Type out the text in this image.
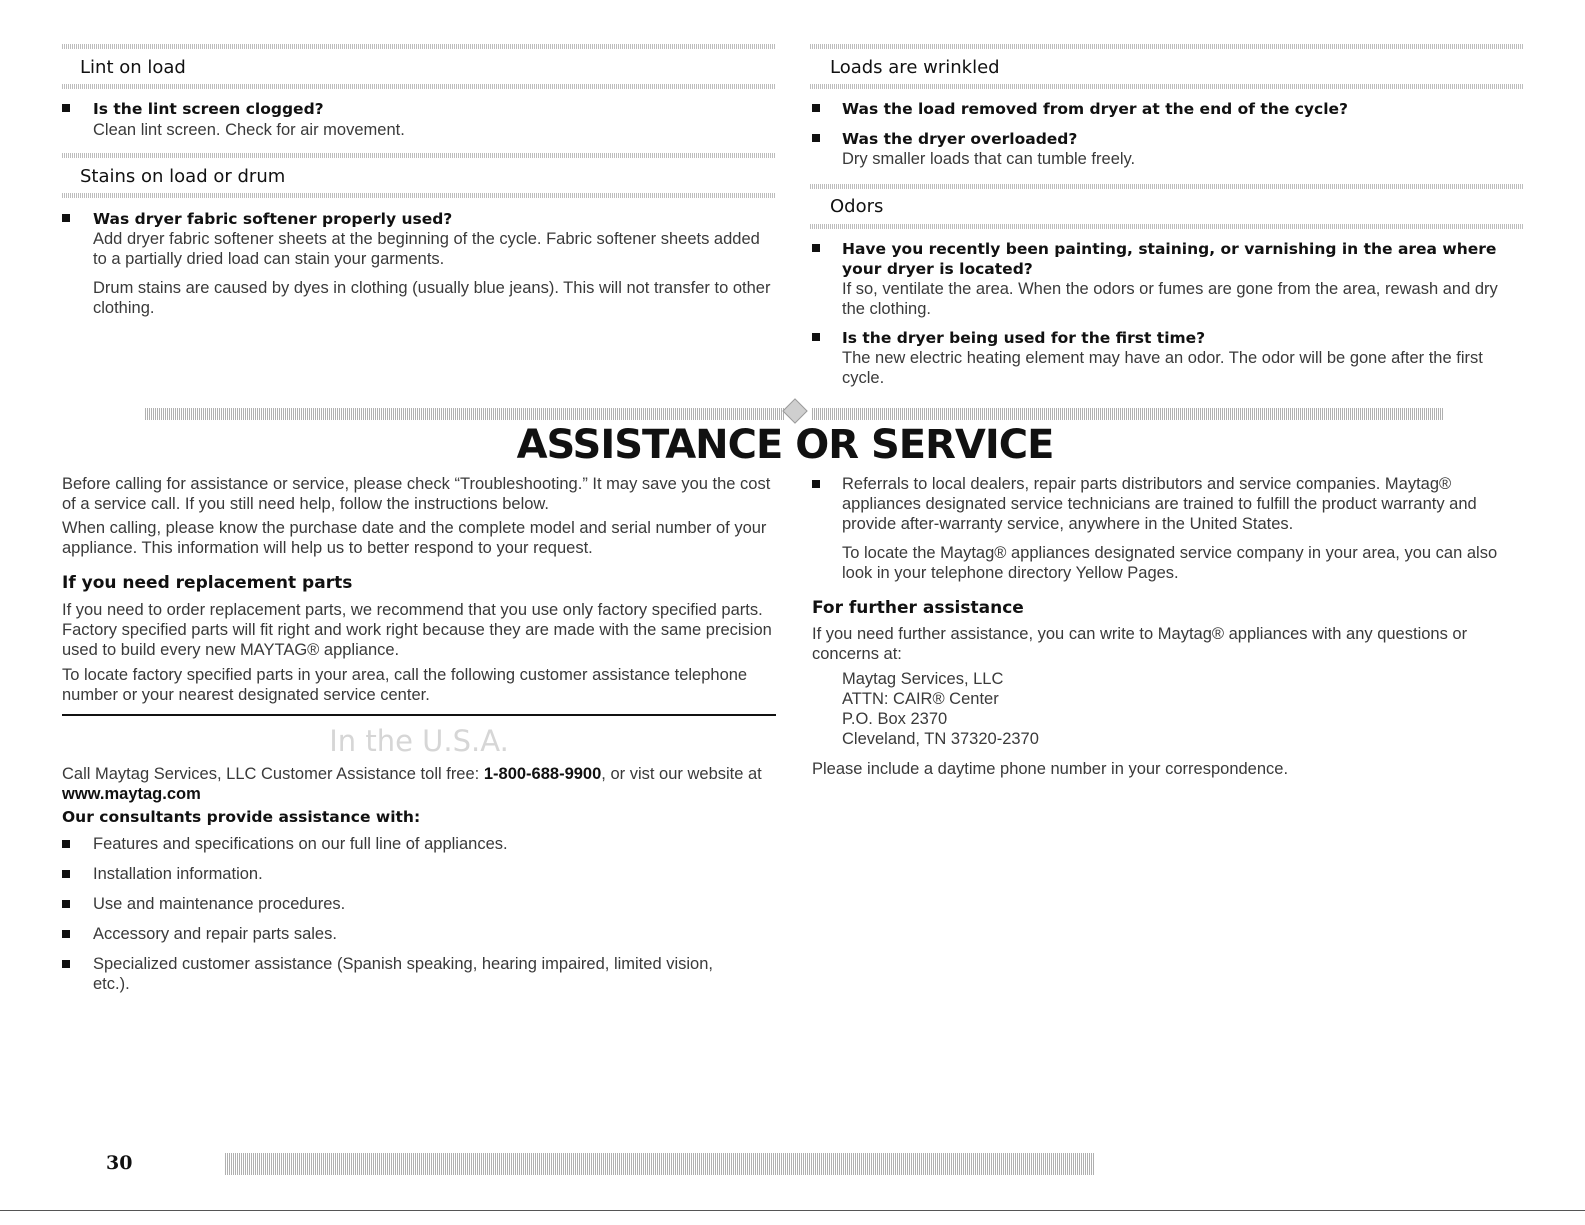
Lint on load
Is the lint screen clogged?
Clean lint screen. Check for air movement.
Stains on load or drum
Was dryer fabric softener properly used?
Add dryer fabric softener sheets at the beginning of the cycle. Fabric softener sheets added to a partially dried load can stain your garments.
Drum stains are caused by dyes in clothing (usually blue jeans). This will not transfer to other clothing.
Loads are wrinkled
Was the load removed from dryer at the end of the cycle?
Was the dryer overloaded?
Dry smaller loads that can tumble freely.
Odors
Have you recently been painting, staining, or varnishing in the area where your dryer is located?
If so, ventilate the area. When the odors or fumes are gone from the area, rewash and dry the clothing.
Is the dryer being used for the first time?
The new electric heating element may have an odor. The odor will be gone after the first cycle.
ASSISTANCE OR SERVICE
Before calling for assistance or service, please check “Troubleshooting.” It may save you the cost of a service call. If you still need help, follow the instructions below.
When calling, please know the purchase date and the complete model and serial number of your appliance. This information will help us to better respond to your request.
If you need replacement parts
If you need to order replacement parts, we recommend that you use only factory specified parts. Factory specified parts will fit right and work right because they are made with the same precision used to build every new MAYTAG® appliance.
To locate factory specified parts in your area, call the following customer assistance telephone number or your nearest designated service center.
In the U.S.A.
Call Maytag Services, LLC Customer Assistance toll free: 1-800-688-9900, or vist our website at www.maytag.com
Our consultants provide assistance with:
Features and specifications on our full line of appliances.
Installation information.
Use and maintenance procedures.
Accessory and repair parts sales.
Specialized customer assistance (Spanish speaking, hearing impaired, limited vision, etc.).
Referrals to local dealers, repair parts distributors and service companies. Maytag® appliances designated service technicians are trained to fulfill the product warranty and provide after-warranty service, anywhere in the United States.
To locate the Maytag® appliances designated service company in your area, you can also look in your telephone directory Yellow Pages.
For further assistance
If you need further assistance, you can write to Maytag® appliances with any questions or concerns at:
Maytag Services, LLC
ATTN: CAIR® Center
P.O. Box 2370
Cleveland, TN 37320-2370
Please include a daytime phone number in your correspondence.
30
